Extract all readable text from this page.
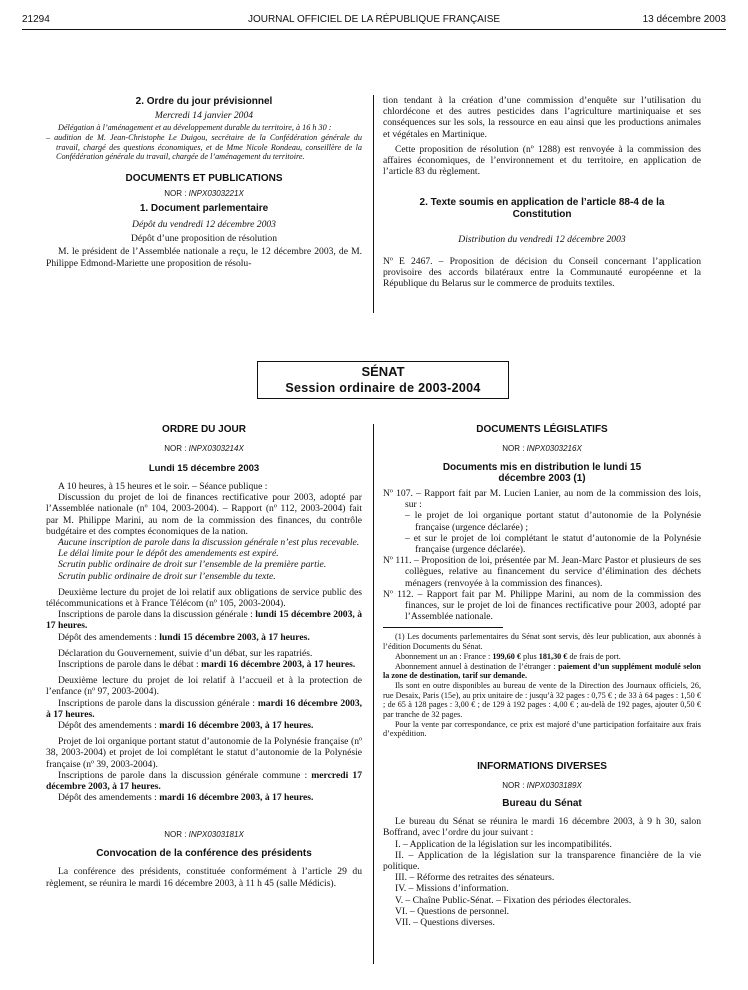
21294	JOURNAL OFFICIEL DE LA RÉPUBLIQUE FRANÇAISE	13 décembre 2003
2. Ordre du jour prévisionnel
Mercredi 14 janvier 2004

Délégation à l’aménagement et au développement durable du territoire, à 16 h 30 :

– audition de M. Jean-Christophe Le Duigou, secrétaire de la Confédération générale du travail, chargé des questions économiques, et de Mme Nicole Rondeau, conseillère de la Confédération générale du travail, chargée de l’aménagement du territoire.

DOCUMENTS ET PUBLICATIONS
NOR : INPX0303221X
1. Document parlementaire
Dépôt du vendredi 12 décembre 2003
Dépôt d’une proposition de résolution

M. le président de l’Assemblée nationale a reçu, le 12 décembre 2003, de M. Philippe Edmond-Mariette une proposition de résolu-

tion tendant à la création d’une commission d’enquête sur l’utilisation du chlordécone et des autres pesticides dans l’agriculture martiniquaise et ses conséquences sur les sols, la ressource en eau ainsi que les productions animales et végétales en Martinique.

Cette proposition de résolution (nº 1288) est renvoyée à la commission des affaires économiques, de l’environnement et du territoire, en application de l’article 83 du règlement.

2. Texte soumis en application de l’article 88-4 de la Constitution
Distribution du vendredi 12 décembre 2003

Nº E 2467. – Proposition de décision du Conseil concernant l’application provisoire des accords bilatéraux entre la Communauté européenne et la République du Belarus sur le commerce de produits textiles.

SÉNAT
Session ordinaire de 2003-2004
ORDRE DU JOUR
NOR : INPX0303214X
Lundi 15 décembre 2003

A 10 heures, à 15 heures et le soir. – Séance publique :

Discussion du projet de loi de finances rectificative pour 2003, adopté par l’Assemblée nationale (nº 104, 2003-2004). – Rapport (nº 112, 2003-2004) fait par M. Philippe Marini, au nom de la commission des finances, du contrôle budgétaire et des comptes économiques de la nation.

Aucune inscription de parole dans la discussion générale n’est plus recevable.

Le délai limite pour le dépôt des amendements est expiré.

Scrutin public ordinaire de droit sur l’ensemble de la première partie.

Scrutin public ordinaire de droit sur l’ensemble du texte.

Deuxième lecture du projet de loi relatif aux obligations de service public des télécommunications et à France Télécom (nº 105, 2003-2004).

Inscriptions de parole dans la discussion générale : lundi 15 décembre 2003, à 17 heures.

Dépôt des amendements : lundi 15 décembre 2003, à 17 heures.

Déclaration du Gouvernement, suivie d’un débat, sur les rapatriés.

Inscriptions de parole dans le débat : mardi 16 décembre 2003, à 17 heures.

Deuxième lecture du projet de loi relatif à l’accueil et à la protection de l’enfance (nº 97, 2003-2004).

Inscriptions de parole dans la discussion générale : mardi 16 décembre 2003, à 17 heures.

Dépôt des amendements : mardi 16 décembre 2003, à 17 heures.

Projet de loi organique portant statut d’autonomie de la Polynésie française (nº 38, 2003-2004) et projet de loi complétant le statut d’autonomie de la Polynésie française (nº 39, 2003-2004).

Inscriptions de parole dans la discussion générale commune : mercredi 17 décembre 2003, à 17 heures.

Dépôt des amendements : mardi 16 décembre 2003, à 17 heures.

NOR : INPX0303181X
Convocation de la conférence des présidents

La conférence des présidents, constituée conformément à l’article 29 du règlement, se réunira le mardi 16 décembre 2003, à 11 h 45 (salle Médicis).

DOCUMENTS LÉGISLATIFS
NOR : INPX0303216X
Documents mis en distribution le lundi 15 décembre 2003 (1)

Nº 107. – Rapport fait par M. Lucien Lanier, au nom de la commission des lois, sur :

– le projet de loi organique portant statut d’autonomie de la Polynésie française (urgence déclarée) ;

– et sur le projet de loi complétant le statut d’autonomie de la Polynésie française (urgence déclarée).

Nº 111. – Proposition de loi, présentée par M. Jean-Marc Pastor et plusieurs de ses collègues, relative au financement du service d’élimination des déchets ménagers (renvoyée à la commission des finances).

Nº 112. – Rapport fait par M. Philippe Marini, au nom de la commission des finances, sur le projet de loi de finances rectificative pour 2003, adopté par l’Assemblée nationale.

(1) Les documents parlementaires du Sénat sont servis, dès leur publication, aux abonnés à l’édition Documents du Sénat.

Abonnement un an : France : 199,60 € plus 181,30 € de frais de port.

Abonnement annuel à destination de l’étranger : paiement d’un supplément modulé selon la zone de destination, tarif sur demande.

Ils sont en outre disponibles au bureau de vente de la Direction des Journaux officiels, 26, rue Desaix, Paris (15e), au prix unitaire de : jusqu’à 32 pages : 0,75 € ; de 33 à 64 pages : 1,50 € ; de 65 à 128 pages : 3,00 € ; de 129 à 192 pages : 4,00 € ; au-delà de 192 pages, ajouter 0,50 € par tranche de 32 pages.

Pour la vente par correspondance, ce prix est majoré d’une participation forfaitaire aux frais d’expédition.

INFORMATIONS DIVERSES
NOR : INPX0303189X
Bureau du Sénat

Le bureau du Sénat se réunira le mardi 16 décembre 2003, à 9 h 30, salon Boffrand, avec l’ordre du jour suivant :

I. – Application de la législation sur les incompatibilités.

II. – Application de la législation sur la transparence financière de la vie politique.

III. – Réforme des retraites des sénateurs.

IV. – Missions d’information.

V. – Chaîne Public-Sénat. – Fixation des périodes électorales.

VI. – Questions de personnel.

VII. – Questions diverses.
